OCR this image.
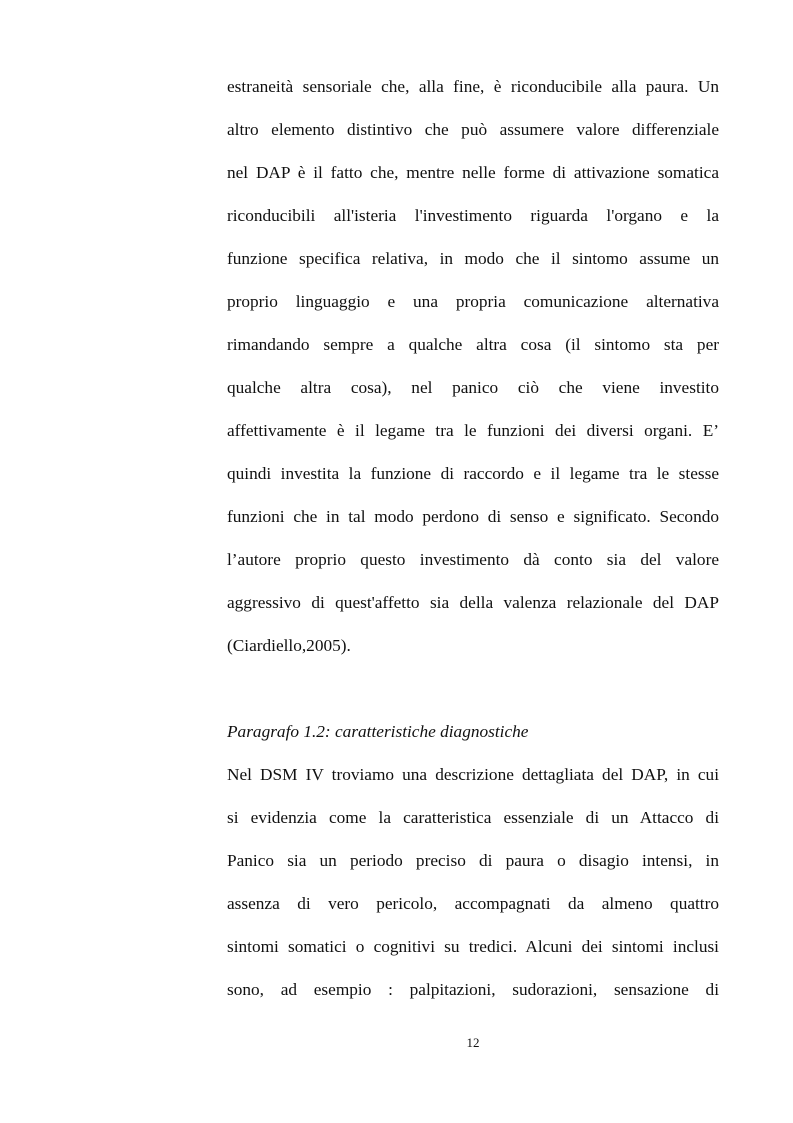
estraneità sensoriale che, alla fine, è riconducibile alla paura. Un
altro elemento distintivo che può assumere valore differenziale
nel DAP è il fatto che, mentre nelle forme di attivazione somatica
riconducibili all'isteria l'investimento riguarda l'organo e la
funzione specifica relativa, in modo che il sintomo assume un
proprio linguaggio e una propria comunicazione alternativa
rimandando sempre a qualche altra cosa (il sintomo sta per
qualche altra cosa), nel panico ciò che viene investito
affettivamente è il legame tra le funzioni dei diversi organi. E’
quindi investita la funzione di raccordo e il legame tra le stesse
funzioni che in tal modo perdono di senso e significato. Secondo
l’autore proprio questo investimento dà conto sia del valore
aggressivo di quest'affetto sia della valenza relazionale del DAP
(Ciardiello,2005).
Paragrafo 1.2: caratteristiche diagnostiche
Nel DSM IV troviamo una descrizione dettagliata del DAP, in cui
si evidenzia come la caratteristica essenziale di un Attacco di
Panico sia un periodo preciso di paura o disagio intensi, in
assenza di vero pericolo, accompagnati da almeno quattro
sintomi somatici o cognitivi su tredici. Alcuni dei sintomi inclusi
sono, ad esempio : palpitazioni, sudorazioni, sensazione di
12
